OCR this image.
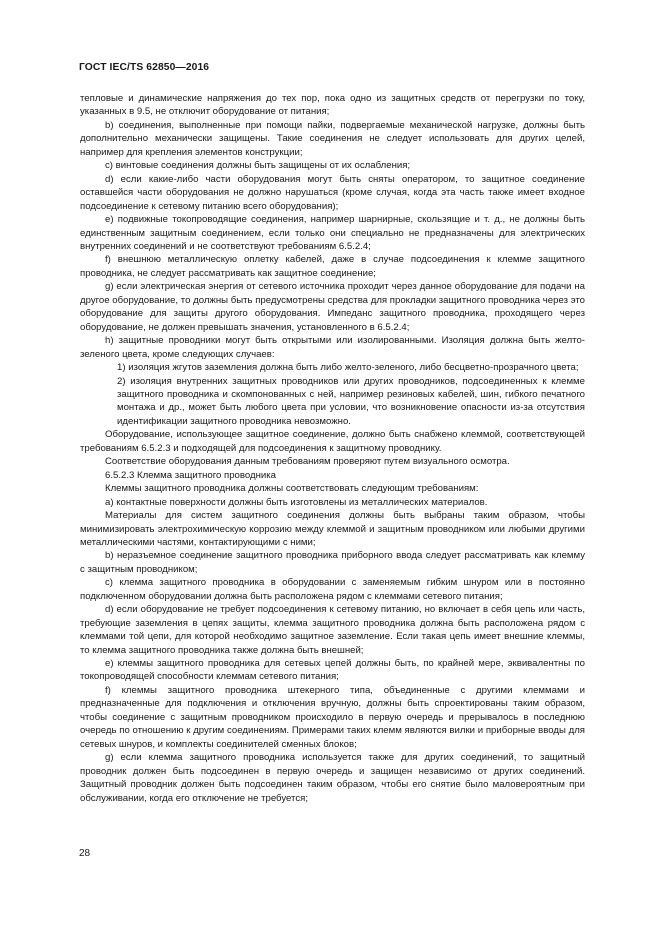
ГОСТ IEC/TS 62850—2016

тепловые и динамические напряжения до тех пор, пока одно из защитных средств от перегрузки по току, указанных в 9.5, не отключит оборудование от питания;

b) соединения, выполненные при помощи пайки, подвергаемые механической нагрузке, должны быть дополнительно механически защищены. Такие соединения не следует использовать для других целей, например для крепления элементов конструкции;

c) винтовые соединения должны быть защищены от их ослабления;

d) если какие-либо части оборудования могут быть сняты оператором, то защитное соединение оставшейся части оборудования не должно нарушаться (кроме случая, когда эта часть также имеет входное подсоединение к сетевому питанию всего оборудования);

e) подвижные токопроводящие соединения, например шарнирные, скользящие и т. д., не должны быть единственным защитным соединением, если только они специально не предназначены для электрических внутренних соединений и не соответствуют требованиям 6.5.2.4;

f) внешнюю металлическую оплетку кабелей, даже в случае подсоединения к клемме защитного проводника, не следует рассматривать как защитное соединение;

g) если электрическая энергия от сетевого источника проходит через данное оборудование для подачи на другое оборудование, то должны быть предусмотрены средства для прокладки защитного проводника через это оборудование для защиты другого оборудования. Импеданс защитного проводника, проходящего через оборудование, не должен превышать значения, установленного в 6.5.2.4;

h) защитные проводники могут быть открытыми или изолированными. Изоляция должна быть желто-зеленого цвета, кроме следующих случаев:

1) изоляция жгутов заземления должна быть либо желто-зеленого, либо бесцветно-прозрачного цвета;

2) изоляция внутренних защитных проводников или других проводников, подсоединенных к клемме защитного проводника и скомпонованных с ней, например резиновых кабелей, шин, гибкого печатного монтажа и др., может быть любого цвета при условии, что возникновение опасности из-за отсутствия идентификации защитного проводника невозможно.

Оборудование, использующее защитное соединение, должно быть снабжено клеммой, соответствующей требованиям 6.5.2.3 и подходящей для подсоединения к защитному проводнику.

Соответствие оборудования данным требованиям проверяют путем визуального осмотра.

6.5.2.3 Клемма защитного проводника

Клеммы защитного проводника должны соответствовать следующим требованиям:

a) контактные поверхности должны быть изготовлены из металлических материалов.

Материалы для систем защитного соединения должны быть выбраны таким образом, чтобы минимизировать электрохимическую коррозию между клеммой и защитным проводником или любыми другими металлическими частями, контактирующими с ними;

b) неразъемное соединение защитного проводника приборного ввода следует рассматривать как клемму с защитным проводником;

c) клемма защитного проводника в оборудовании с заменяемым гибким шнуром или в постоянно подключенном оборудовании должна быть расположена рядом с клеммами сетевого питания;

d) если оборудование не требует подсоединения к сетевому питанию, но включает в себя цепь или часть, требующие заземления в цепях защиты, клемма защитного проводника должна быть расположена рядом с клеммами той цепи, для которой необходимо защитное заземление. Если такая цепь имеет внешние клеммы, то клемма защитного проводника также должна быть внешней;

e) клеммы защитного проводника для сетевых цепей должны быть, по крайней мере, эквивалентны по токопроводящей способности клеммам сетевого питания;

f) клеммы защитного проводника штекерного типа, объединенные с другими клеммами и предназначенные для подключения и отключения вручную, должны быть спроектированы таким образом, чтобы соединение с защитным проводником происходило в первую очередь и прерывалось в последнюю очередь по отношению к другим соединениям. Примерами таких клемм являются вилки и приборные вводы для сетевых шнуров, и комплекты соединителей сменных блоков;

g) если клемма защитного проводника используется также для других соединений, то защитный проводник должен быть подсоединен в первую очередь и защищен независимо от других соединений. Защитный проводник должен быть подсоединен таким образом, чтобы его снятие было маловероятным при обслуживании, когда его отключение не требуется;

28
